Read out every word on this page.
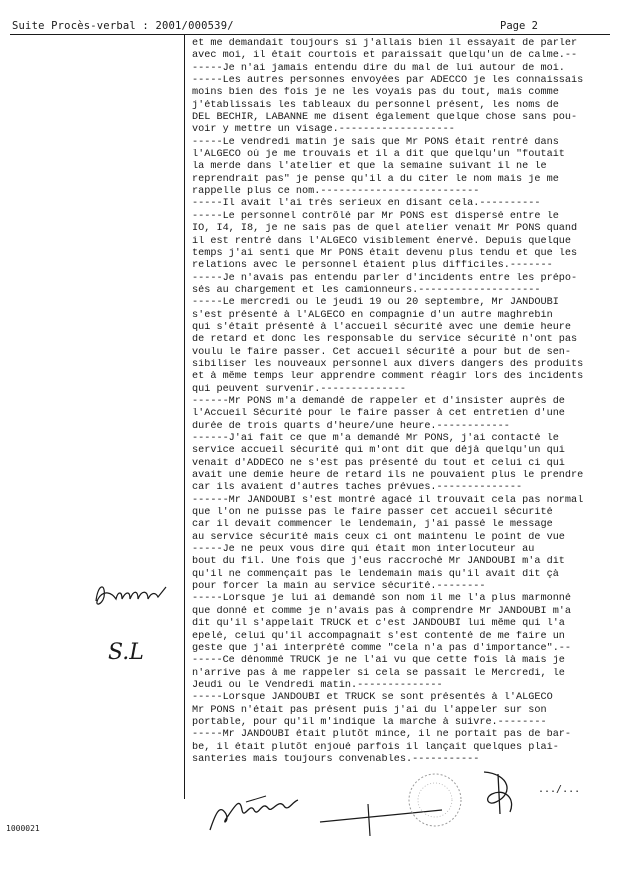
Suite Procès-verbal : 2001/000539/	Page 2
et me demandait toujours si j'allais bien il essayait de parler
avec moi, il était courtois et paraissait quelqu'un de calme.--
-----Je n'ai jamais entendu dire du mal de lui autour de moi.
-----Les autres personnes envoyées par ADECCO je les connaissais
moins bien des fois je ne les voyais pas du tout, mais comme
j'établissais les tableaux du personnel présent, les noms de
DEL BECHIR, LABANNE me disent également quelque chose sans pou-
voir y mettre un visage.-------------------
-----Le vendredi matin je sais que Mr PONS était rentré dans
l'ALGECO où je me trouvais et il a dit que quelqu'un "foutait
la merde dans l'atelier et que la semaine suivant il ne le
reprendrait pas" je pense qu'il a du citer le nom mais je me
rappelle plus ce nom.--------------------------
-----Il avait l'ai très serieux en disant cela.----------
-----Le personnel contrôlé par Mr PONS est dispersé entre le
IO, I4, I8, je ne sais pas de quel atelier venait Mr PONS quand
il est rentré dans l'ALGECO visiblement énervé. Depuis quelque
temps j'ai senti que Mr PONS était devenu plus tendu et que les
relations avec le personnel étaient plus difficiles.-------
-----Je n'avais pas entendu parler d'incidents entre les prépo-
sés au chargement et les camionneurs.--------------------
-----Le mercredi ou le jeudi 19 ou 20 septembre, Mr JANDOUBI
s'est présenté à l'ALGECO en compagnie d'un autre maghrebin
qui s'était présenté à l'accueil sécurité avec une demie heure
de retard et donc les responsable du service sécurité n'ont pas
voulu le faire passer. Cet accueil sécurité a pour but de sen-
sibiliser les nouveaux personnel aux divers dangers des produits
et à même temps leur apprendre comment réagir lors des incidents
qui peuvent survenir.--------------
------Mr PONS m'a demandé de rappeler et d'insister auprès de
l'Accueil Sécurité pour le faire passer à cet entretien d'une
durée de trois quarts d'heure/une heure.------------
------J'ai fait ce que m'a demandé Mr PONS, j'ai contacté le
service accueil sécurité qui m'ont dit que déjà quelqu'un qui
venait d'ADDECO ne s'est pas présenté du tout et celui ci qui
avait une demie heure de retard ils ne pouvaient plus le prendre
car ils avaient d'autres taches prévues.--------------
------Mr JANDOUBI s'est montré agacé il trouvait cela pas normal
que l'on ne puisse pas le faire passer cet accueil sécurité
car il devait commencer le lendemain, j'ai passé le message
au service sécurité mais ceux ci ont maintenu le point de vue
-----Je ne peux vous dire qui était mon interlocuteur au
bout du fil. Une fois que j'eus raccroché Mr JANDOUBI m'a dit
qu'il ne commençait pas le lendemain mais qu'il avait dit çà
pour forcer la main au service sécurité.--------
-----Lorsque je lui ai demandé son nom il me l'a plus marmonné
que donné et comme je n'avais pas à comprendre Mr JANDOUBI m'a
dit qu'il s'appelait TRUCK et c'est JANDOUBI lui même qui l'a
epelé, celui qu'il accompagnait s'est contenté de me faire un
geste que j'ai interprété comme "cela n'a pas d'importance".--
-----Ce dénommé TRUCK je ne l'ai vu que cette fois là mais je
n'arrive pas à me rappeler si cela se passait le Mercredi, le
Jeudi ou le Vendredi matin.--------------
-----Lorsque JANDOUBI et TRUCK se sont présentés à l'ALGECO
Mr PONS n'était pas présent puis j'ai du l'appeler sur son
portable, pour qu'il m'indique la marche à suivre.--------
-----Mr JANDOUBI était plutôt mince, il ne portait pas de bar-
be, il était plutôt enjoué parfois il lançait quelques plai-
santeries mais toujours convenables.-----------
S.L
1000021
.../...
